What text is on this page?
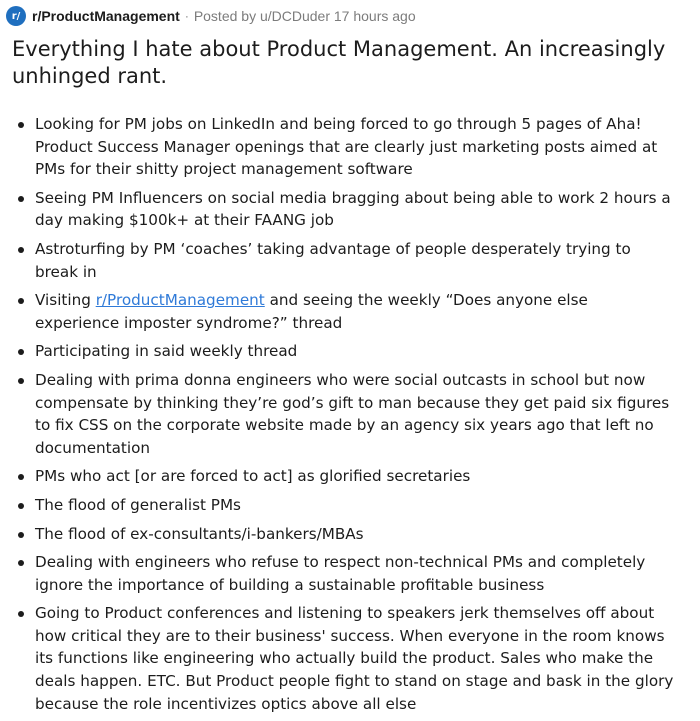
r/ r/ProductManagement · Posted by u/DCDuder 17 hours ago
Everything I hate about Product Management. An increasingly unhinged rant.
Looking for PM jobs on LinkedIn and being forced to go through 5 pages of Aha! Product Success Manager openings that are clearly just marketing posts aimed at PMs for their shitty project management software
Seeing PM Influencers on social media bragging about being able to work 2 hours a day making $100k+ at their FAANG job
Astroturfing by PM ‘coaches’ taking advantage of people desperately trying to break in
Visiting r/ProductManagement and seeing the weekly “Does anyone else experience imposter syndrome?” thread
Participating in said weekly thread
Dealing with prima donna engineers who were social outcasts in school but now compensate by thinking they’re god’s gift to man because they get paid six figures to fix CSS on the corporate website made by an agency six years ago that left no documentation
PMs who act [or are forced to act] as glorified secretaries
The flood of generalist PMs
The flood of ex-consultants/i-bankers/MBAs
Dealing with engineers who refuse to respect non-technical PMs and completely ignore the importance of building a sustainable profitable business
Going to Product conferences and listening to speakers jerk themselves off about how critical they are to their business' success. When everyone in the room knows its functions like engineering who actually build the product. Sales who make the deals happen. ETC. But Product people fight to stand on stage and bask in the glory because the role incentivizes optics above all else
